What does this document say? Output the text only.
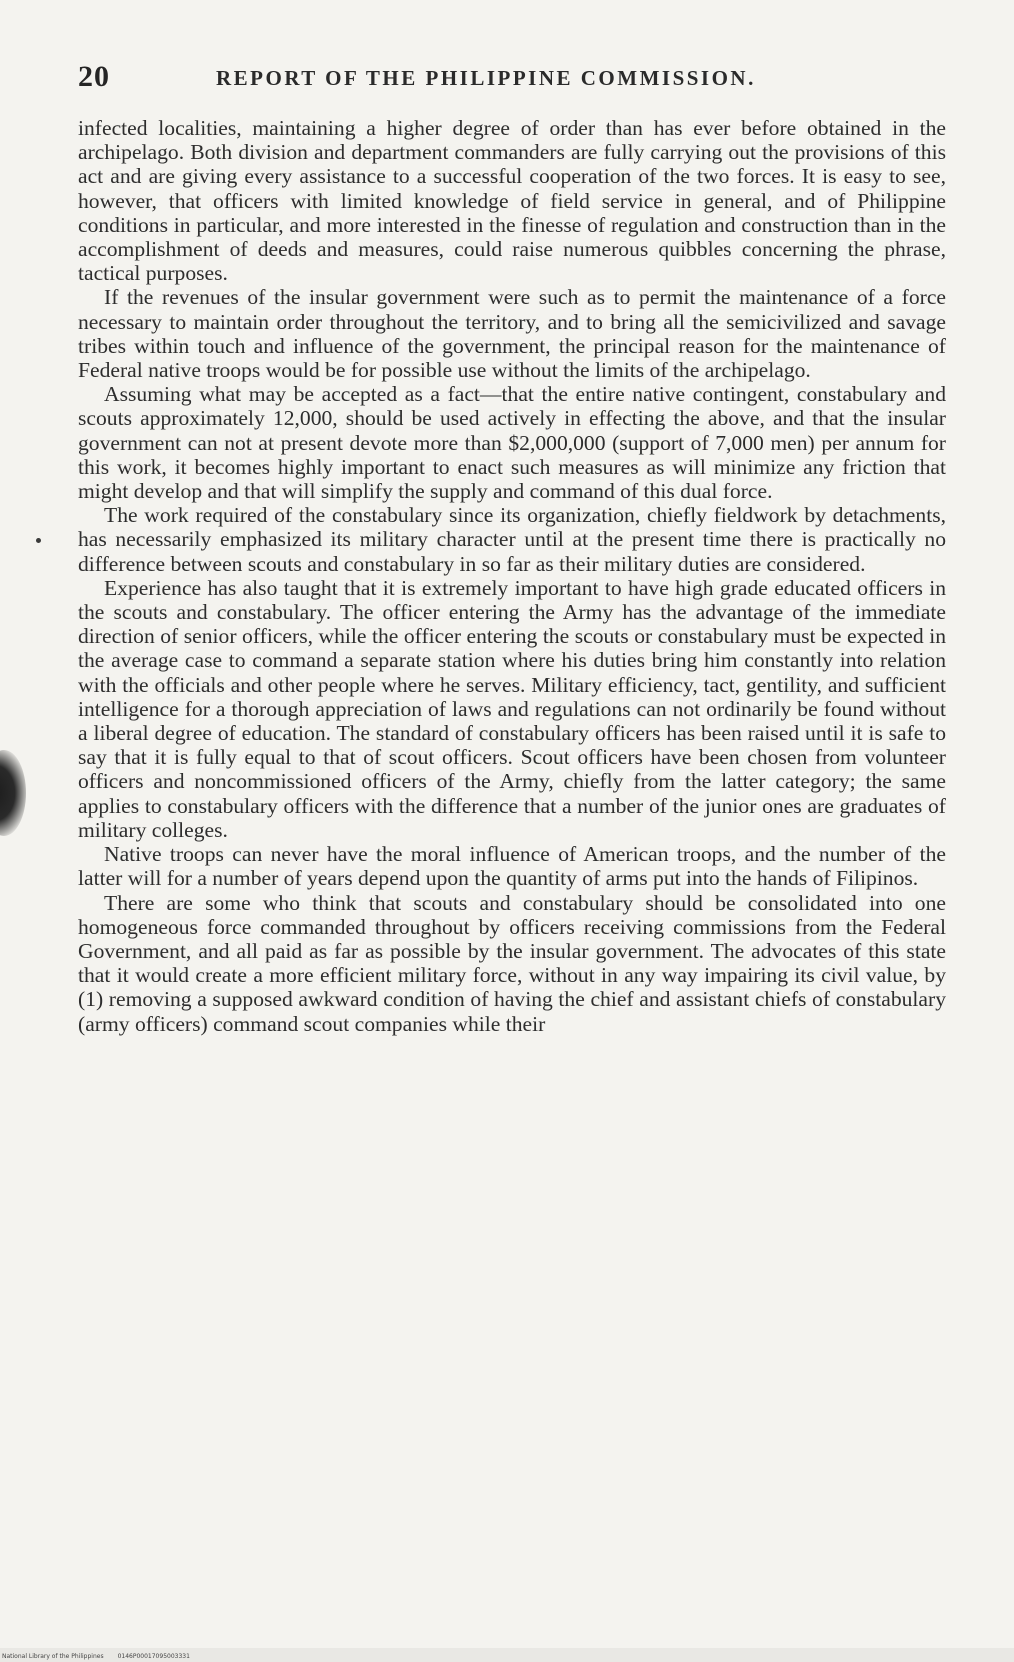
20	REPORT OF THE PHILIPPINE COMMISSION.

infected localities, maintaining a higher degree of order than has ever before obtained in the archipelago. Both division and department commanders are fully carrying out the provisions of this act and are giving every assistance to a successful cooperation of the two forces. It is easy to see, however, that officers with limited knowledge of field service in general, and of Philippine conditions in particular, and more interested in the finesse of regulation and construction than in the accomplishment of deeds and measures, could raise numerous quibbles concerning the phrase, tactical purposes.

If the revenues of the insular government were such as to permit the maintenance of a force necessary to maintain order throughout the territory, and to bring all the semicivilized and savage tribes within touch and influence of the government, the principal reason for the maintenance of Federal native troops would be for possible use without the limits of the archipelago.

Assuming what may be accepted as a fact—that the entire native contingent, constabulary and scouts approximately 12,000, should be used actively in effecting the above, and that the insular government can not at present devote more than $2,000,000 (support of 7,000 men) per annum for this work, it becomes highly important to enact such measures as will minimize any friction that might develop and that will simplify the supply and command of this dual force.

The work required of the constabulary since its organization, chiefly fieldwork by detachments, has necessarily emphasized its military character until at the present time there is practically no difference between scouts and constabulary in so far as their military duties are considered.

Experience has also taught that it is extremely important to have high grade educated officers in the scouts and constabulary. The officer entering the Army has the advantage of the immediate direction of senior officers, while the officer entering the scouts or constabulary must be expected in the average case to command a separate station where his duties bring him constantly into relation with the officials and other people where he serves. Military efficiency, tact, gentility, and sufficient intelligence for a thorough appreciation of laws and regulations can not ordinarily be found without a liberal degree of education. The standard of constabulary officers has been raised until it is safe to say that it is fully equal to that of scout officers. Scout officers have been chosen from volunteer officers and noncommissioned officers of the Army, chiefly from the latter category; the same applies to constabulary officers with the difference that a number of the junior ones are graduates of military colleges.

Native troops can never have the moral influence of American troops, and the number of the latter will for a number of years depend upon the quantity of arms put into the hands of Filipinos.

There are some who think that scouts and constabulary should be consolidated into one homogeneous force commanded throughout by officers receiving commissions from the Federal Government, and all paid as far as possible by the insular government. The advocates of this state that it would create a more efficient military force, without in any way impairing its civil value, by (1) removing a supposed awkward condition of having the chief and assistant chiefs of constabulary (army officers) command scout companies while their

National Library of the Philippines 0146P00017095003331
